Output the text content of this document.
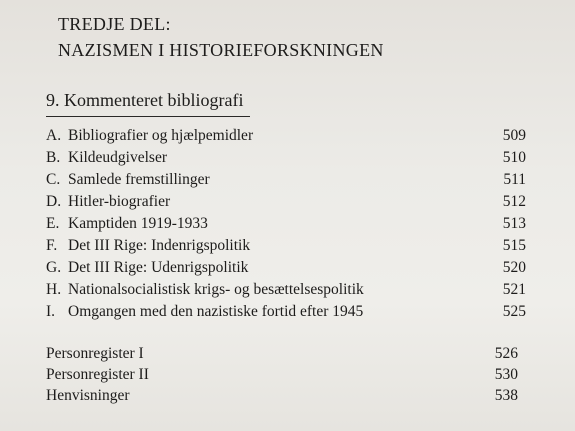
TREDJE DEL:
NAZISMEN I HISTORIEFORSKNINGEN
9. Kommenteret bibliografi
A. Bibliografier og hjælpemidler	509
B. Kildeudgivelser	510
C. Samlede fremstillinger	511
D. Hitler-biografier	512
E. Kamptiden 1919-1933	513
F. Det III Rige: Indenrigspolitik	515
G. Det III Rige: Udenrigspolitik	520
H. Nationalsocialistisk krigs- og besættelsespolitik	521
I. Omgangen med den nazistiske fortid efter 1945	525
Personregister I	526
Personregister II	530
Henvisninger	538
